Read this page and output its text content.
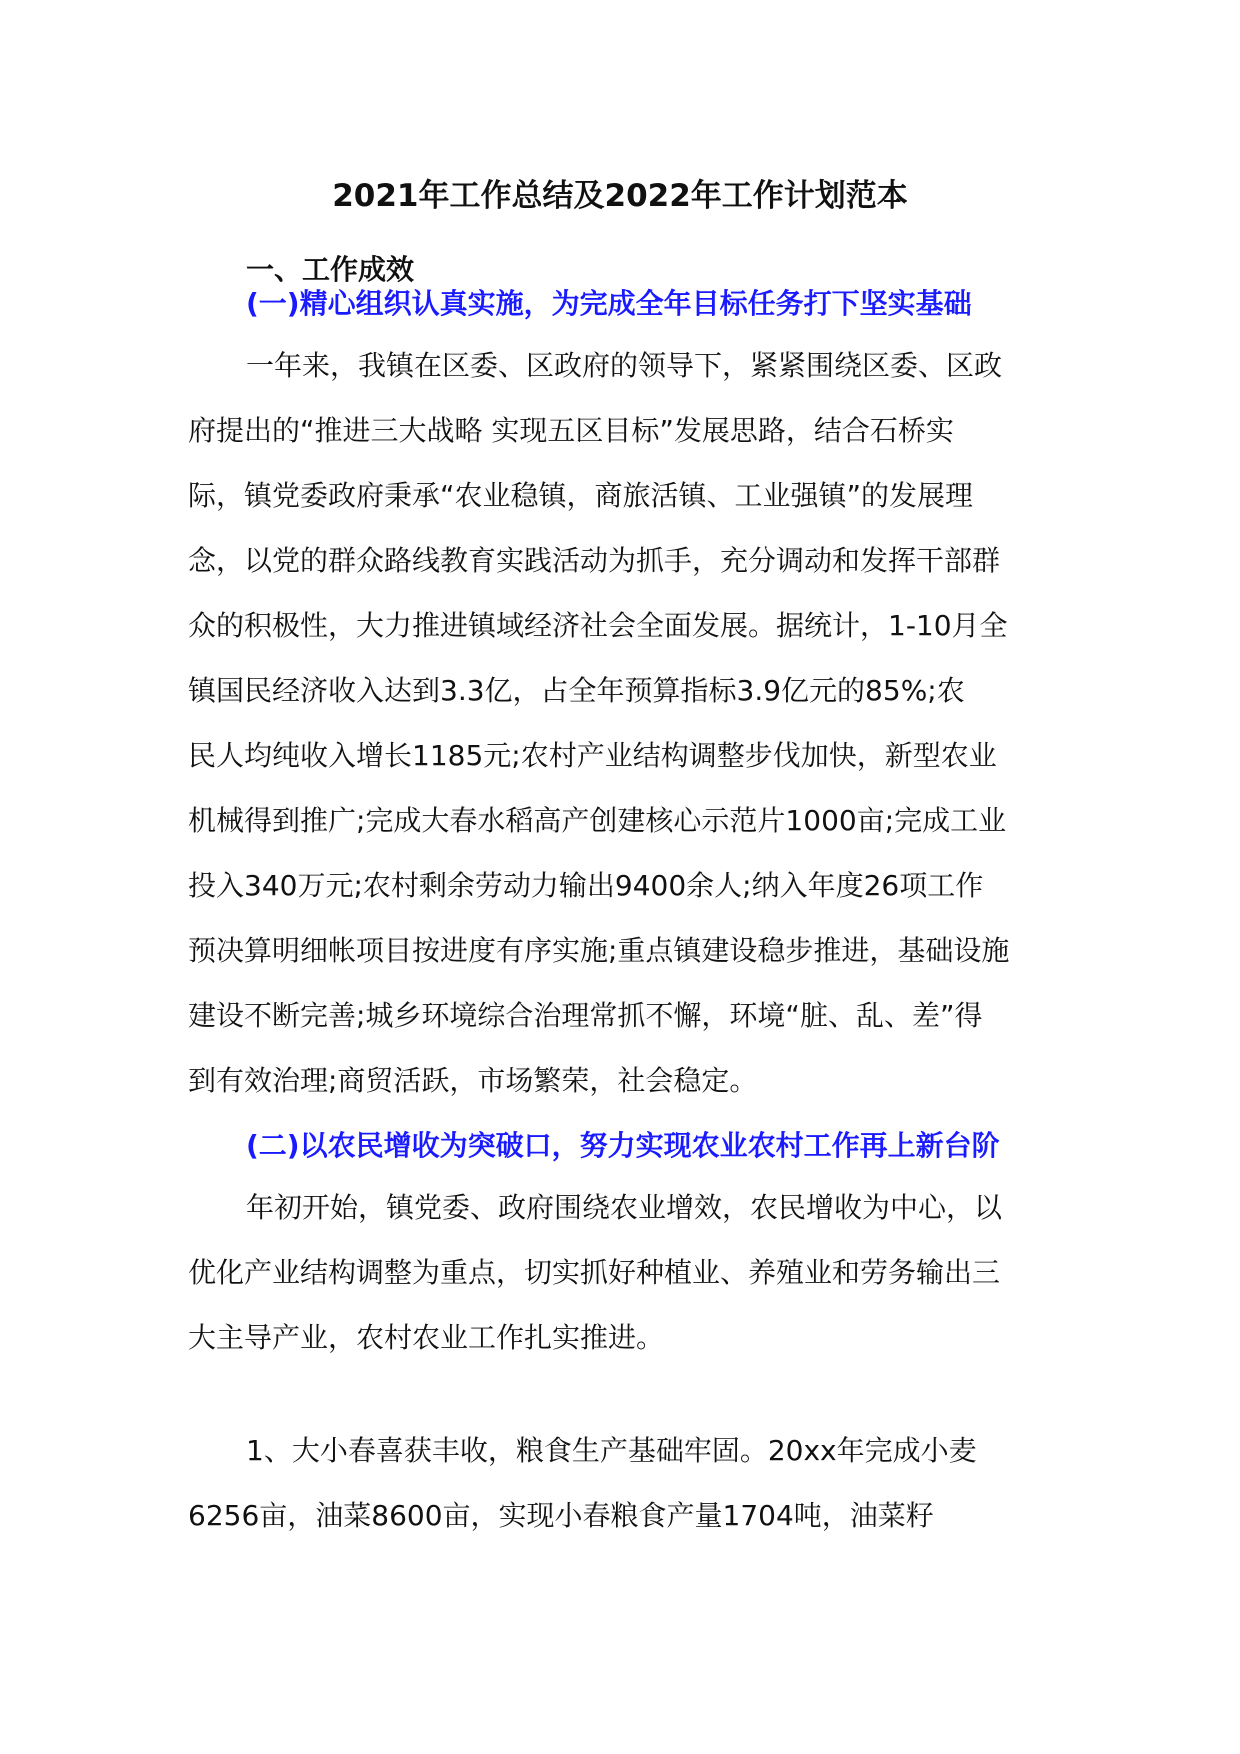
2021年工作总结及2022年工作计划范本
一、工作成效
(一)精心组织认真实施，为完成全年目标任务打下坚实基础
一年来，我镇在区委、区政府的领导下，紧紧围绕区委、区政
府提出的“推进三大战略 实现五区目标”发展思路，结合石桥实
际，镇党委政府秉承“农业稳镇，商旅活镇、工业强镇”的发展理
念，以党的群众路线教育实践活动为抓手，充分调动和发挥干部群
众的积极性，大力推进镇域经济社会全面发展。据统计，1-10月全
镇国民经济收入达到3.3亿，占全年预算指标3.9亿元的85%;农
民人均纯收入增长1185元;农村产业结构调整步伐加快，新型农业
机械得到推广;完成大春水稻高产创建核心示范片1000亩;完成工业
投入340万元;农村剩余劳动力输出9400余人;纳入年度26项工作
预决算明细帐项目按进度有序实施;重点镇建设稳步推进，基础设施
建设不断完善;城乡环境综合治理常抓不懈，环境“脏、乱、差”得
到有效治理;商贸活跃，市场繁荣，社会稳定。
(二)以农民增收为突破口，努力实现农业农村工作再上新台阶
年初开始，镇党委、政府围绕农业增效，农民增收为中心，以
优化产业结构调整为重点，切实抓好种植业、养殖业和劳务输出三
大主导产业，农村农业工作扎实推进。
1、大小春喜获丰收，粮食生产基础牢固。20xx年完成小麦
6256亩，油菜8600亩，实现小春粮食产量1704吨，油菜籽
